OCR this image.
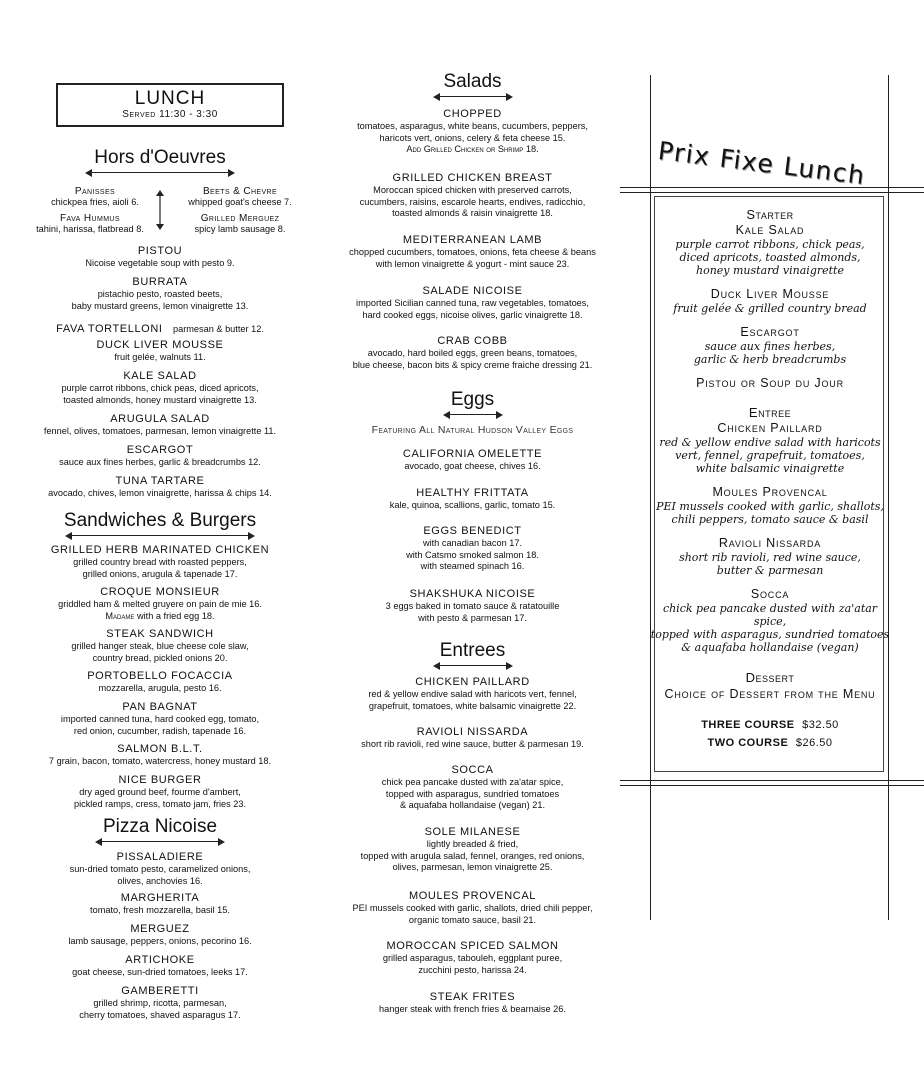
LUNCH
Served 11:30 - 3:30
Hors d'Oeuvres
Panisses
chickpea fries, aioli 6.
Beets & Chevre
whipped goat's cheese 7.
Fava Hummus
tahini, harissa, flatbread 8.
Grilled Merguez
spicy lamb sausage 8.
PISTOU
Nicoise vegetable soup with pesto 9.
BURRATA
pistachio pesto, roasted beets,
baby mustard greens, lemon vinaigrette 13.
FAVA TORTELLONI parmesan & butter 12.
DUCK LIVER MOUSSE
fruit gelée, walnuts 11.
KALE SALAD
purple carrot ribbons, chick peas, diced apricots,
toasted almonds, honey mustard vinaigrette 13.
ARUGULA SALAD
fennel, olives, tomatoes, parmesan, lemon vinaigrette 11.
ESCARGOT
sauce aux fines herbes, garlic & breadcrumbs 12.
TUNA TARTARE
avocado, chives, lemon vinaigrette, harissa & chips 14.
Sandwiches & Burgers
GRILLED HERB MARINATED CHICKEN
grilled country bread with roasted peppers,
grilled onions, arugula & tapenade 17.
CROQUE MONSIEUR
griddled ham & melted gruyere on pain de mie 16.
Madame with a fried egg 18.
STEAK SANDWICH
grilled hanger steak, blue cheese cole slaw,
country bread, pickled onions 20.
PORTOBELLO FOCACCIA
mozzarella, arugula, pesto 16.
PAN BAGNAT
imported canned tuna, hard cooked egg, tomato,
red onion, cucumber, radish, tapenade 16.
SALMON B.L.T.
7 grain, bacon, tomato, watercress, honey mustard 18.
NICE BURGER
dry aged ground beef, fourme d'ambert,
pickled ramps, cress, tomato jam, fries 23.
Pizza Nicoise
PISSALADIERE
sun-dried tomato pesto, caramelized onions,
olives, anchovies 16.
MARGHERITA
tomato, fresh mozzarella, basil 15.
MERGUEZ
lamb sausage, peppers, onions, pecorino 16.
ARTICHOKE
goat cheese, sun-dried tomatoes, leeks 17.
GAMBERETTI
grilled shrimp, ricotta, parmesan,
cherry tomatoes, shaved asparagus 17.
Salads
CHOPPED
tomatoes, asparagus, white beans, cucumbers, peppers,
haricots vert, onions, celery & feta cheese 15.
Add Grilled Chicken or Shrimp 18.
GRILLED CHICKEN BREAST
Moroccan spiced chicken with preserved carrots,
cucumbers, raisins, escarole hearts, endives, radicchio,
toasted almonds & raisin vinaigrette 18.
MEDITERRANEAN LAMB
chopped cucumbers, tomatoes, onions, feta cheese & beans
with lemon vinaigrette & yogurt - mint sauce 23.
SALADE NICOISE
imported Sicilian canned tuna, raw vegetables, tomatoes,
hard cooked eggs, nicoise olives, garlic vinaigrette 18.
CRAB COBB
avocado, hard boiled eggs, green beans, tomatoes,
blue cheese, bacon bits & spicy creme fraiche dressing 21.
Eggs
Featuring All Natural Hudson Valley Eggs
CALIFORNIA OMELETTE
avocado, goat cheese, chives 16.
HEALTHY FRITTATA
kale, quinoa, scallions, garlic, tomato 15.
EGGS BENEDICT
with canadian bacon 17.
with Catsmo smoked salmon 18.
with steamed spinach 16.
SHAKSHUKA NICOISE
3 eggs baked in tomato sauce & ratatouille
with pesto & parmesan 17.
Entrees
CHICKEN PAILLARD
red & yellow endive salad with haricots vert, fennel,
grapefruit, tomatoes, white balsamic vinaigrette 22.
RAVIOLI NISSARDA
short rib ravioli, red wine sauce, butter & parmesan 19.
SOCCA
chick pea pancake dusted with za'atar spice,
topped with asparagus, sundried tomatoes
& aquafaba hollandaise (vegan) 21.
SOLE MILANESE
lightly breaded & fried,
topped with arugula salad, fennel, oranges, red onions,
olives, parmesan, lemon vinaigrette 25.
MOULES PROVENCAL
PEI mussels cooked with garlic, shallots, dried chili pepper,
organic tomato sauce, basil 21.
MOROCCAN SPICED SALMON
grilled asparagus, tabouleh, eggplant puree,
zucchini pesto, harissa 24.
STEAK FRITES
hanger steak with french fries & bearnaise 26.
Prix Fixe Lunch
Starter
Kale Salad
purple carrot ribbons, chick peas,
diced apricots, toasted almonds,
honey mustard vinaigrette
Duck Liver Mousse
fruit gelée & grilled country bread
Escargot
sauce aux fines herbes,
garlic & herb breadcrumbs
Pistou or Soup du Jour
Entree
Chicken Paillard
red & yellow endive salad with haricots
vert, fennel, grapefruit, tomatoes,
white balsamic vinaigrette
Moules Provencal
PEI mussels cooked with garlic, shallots,
chili peppers, tomato sauce & basil
Ravioli Nissarda
short rib ravioli, red wine sauce,
butter & parmesan
Socca
chick pea pancake dusted with za'atar spice,
topped with asparagus, sundried tomatoes
& aquafaba hollandaise (vegan)
Dessert
Choice of Dessert from the Menu
THREE COURSE $32.50
TWO COURSE $26.50
